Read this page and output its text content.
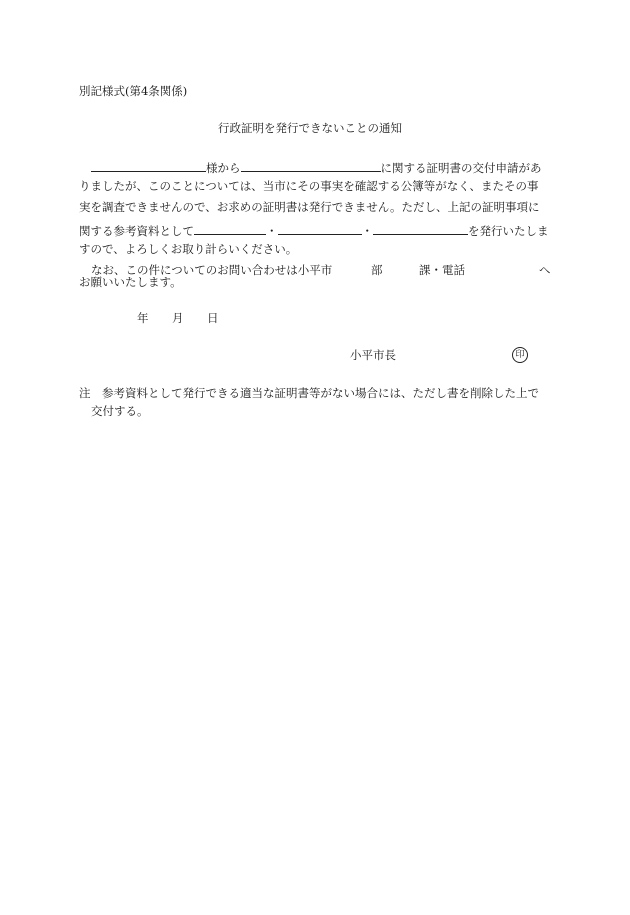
別記様式(第4条関係)
行政証明を発行できないことの通知
様から	に関する証明書の交付申請があ
りましたが、このことについては、当市にその事実を確認する公簿等がなく、またその事
実を調査できませんので、お求めの証明書は発行できません。ただし、上記の証明事項に
関する参考資料として	・	・	を発行いたしま
すので、よろしくお取り計らいください。
なお、この件についてのお問い合わせは小平市	部	課・電話	へ
お願いいたします。
年 月 日
小平市長	印
注　参考資料として発行できる適当な証明書等がない場合には、ただし書を削除した上で
交付する。
